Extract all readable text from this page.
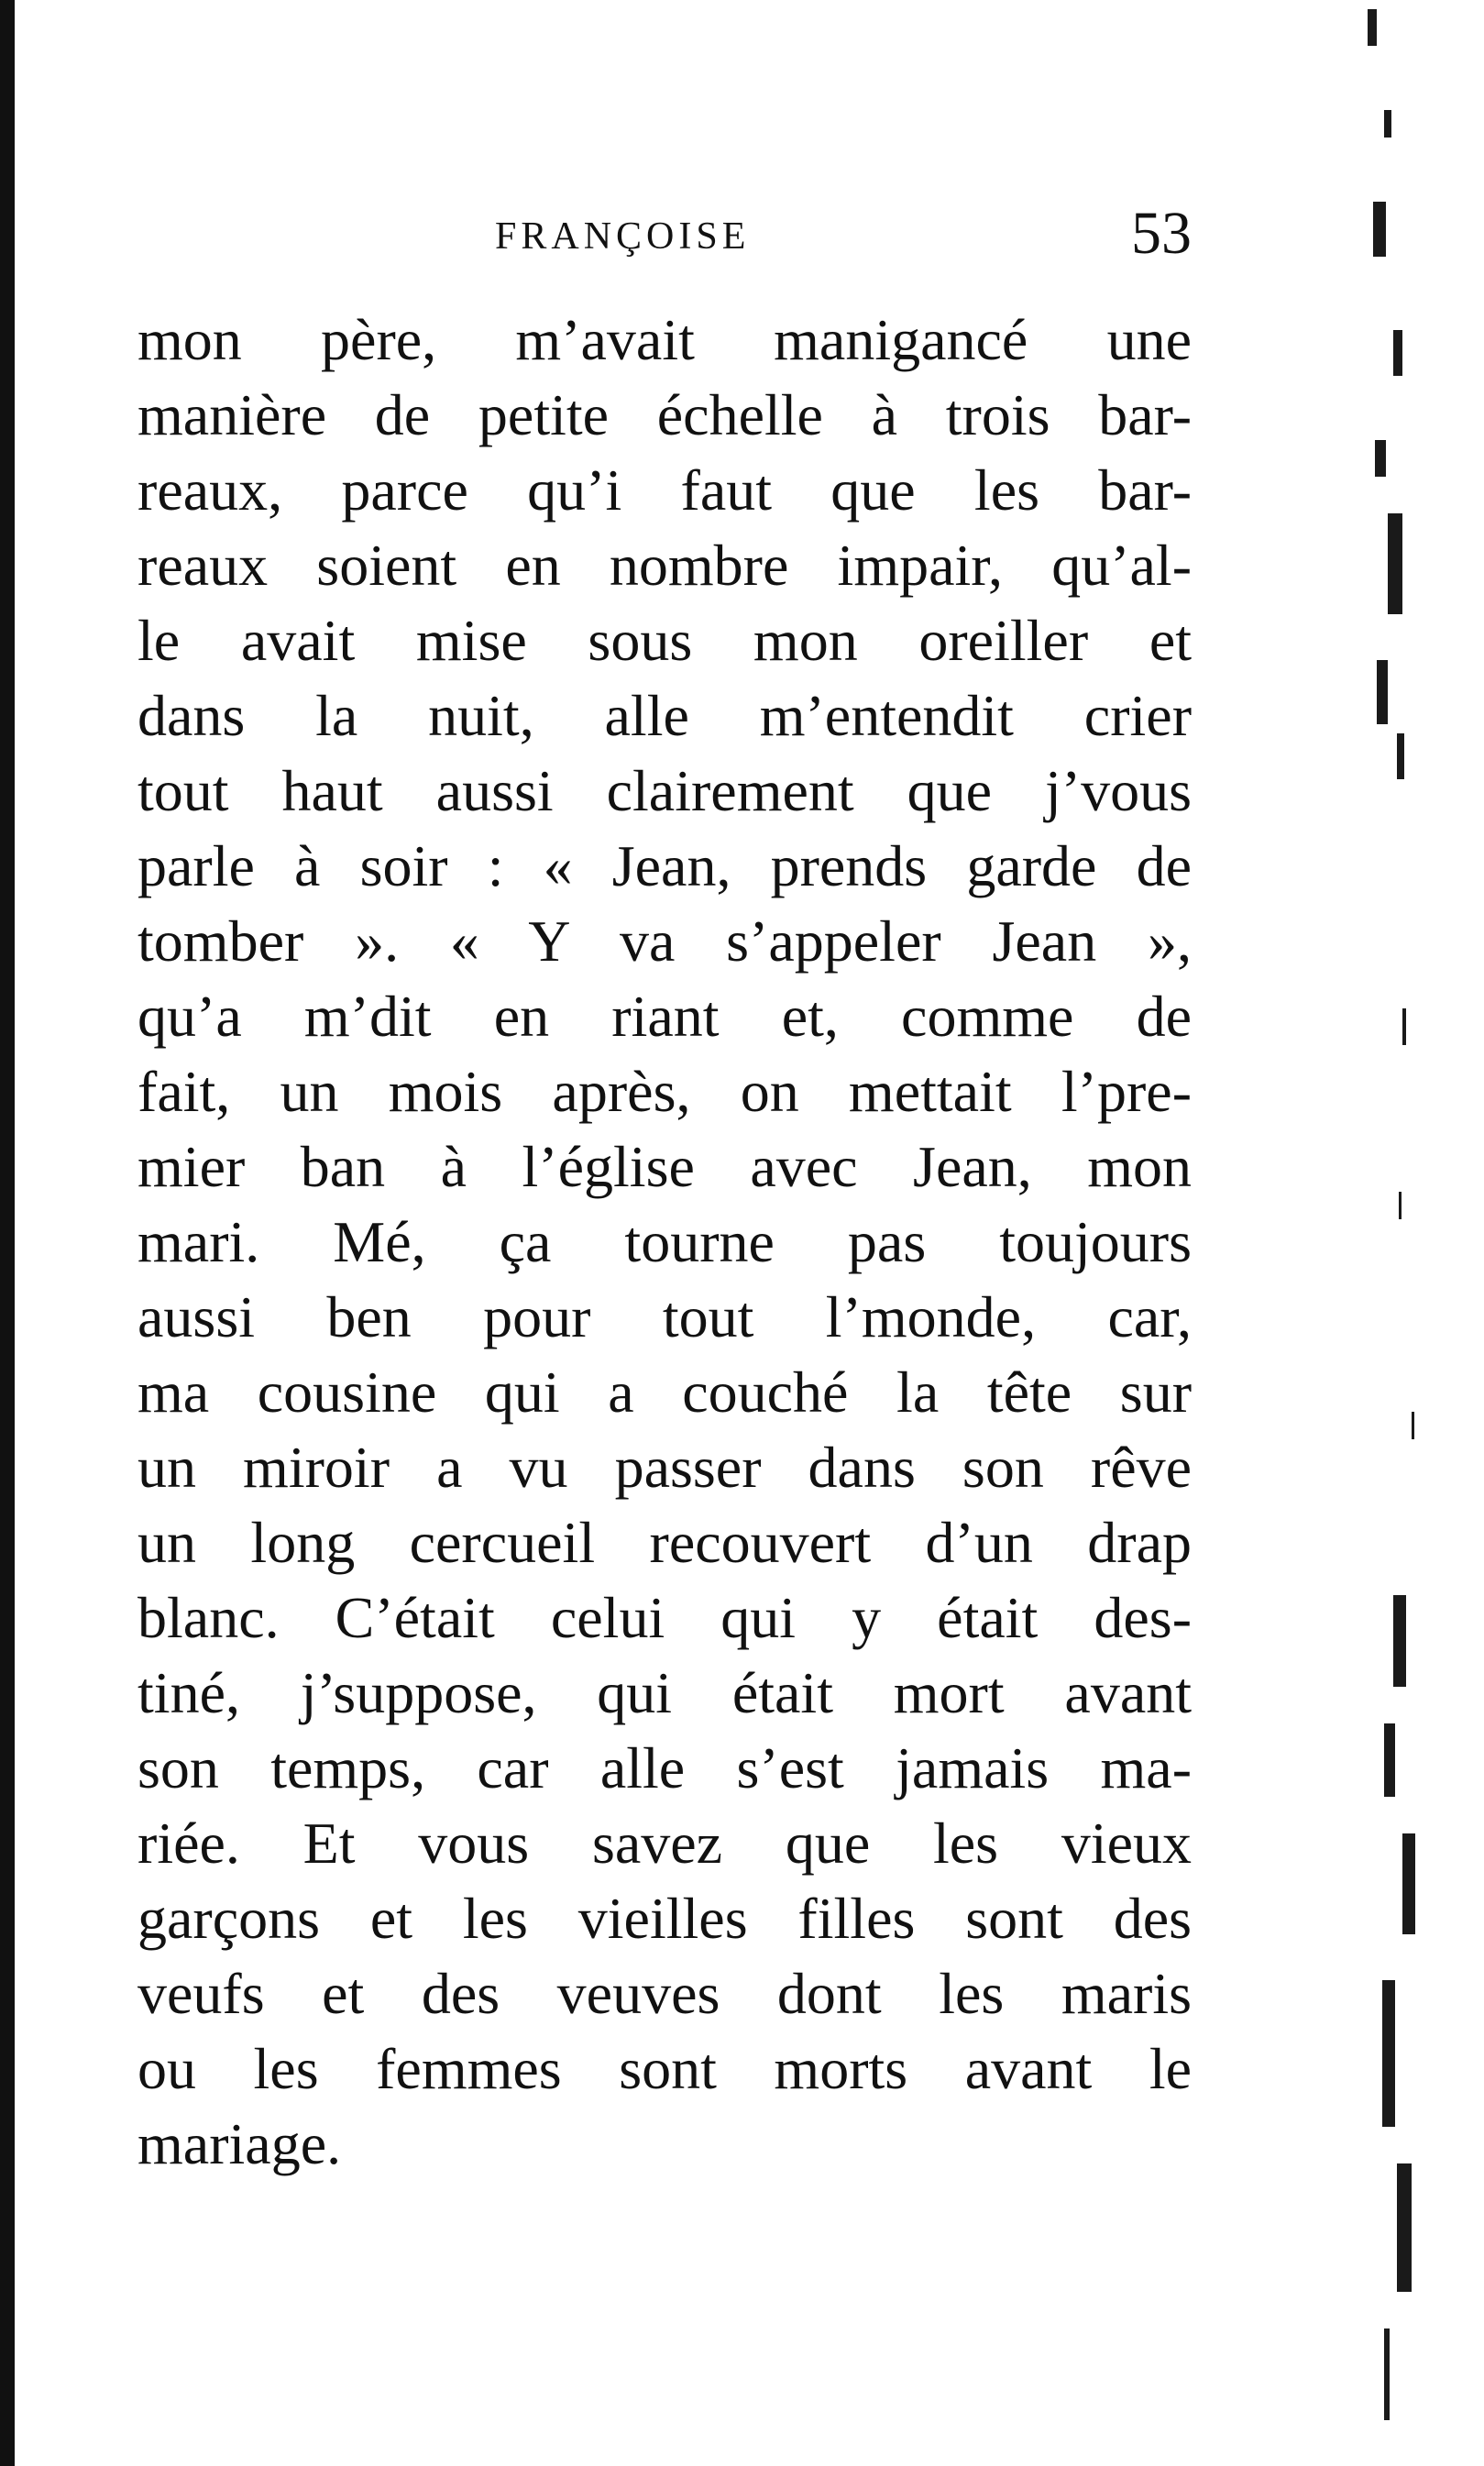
FRANÇOISE	53
mon père, m’avait manigancé une
manière de petite échelle à trois bar-
reaux, parce qu’i faut que les bar-
reaux soient en nombre impair, qu’al-
le avait mise sous mon oreiller et
dans la nuit, alle m’entendit crier
tout haut aussi clairement que j’vous
parle à soir : « Jean, prends garde de
tomber ». « Y va s’appeler Jean »,
qu’a m’dit en riant et, comme de
fait, un mois après, on mettait l’pre-
mier ban à l’église avec Jean, mon
mari. Mé, ça tourne pas toujours
aussi ben pour tout l’monde, car,
ma cousine qui a couché la tête sur
un miroir a vu passer dans son rêve
un long cercueil recouvert d’un drap
blanc. C’était celui qui y était des-
tiné, j’suppose, qui était mort avant
son temps, car alle s’est jamais ma-
riée. Et vous savez que les vieux
garçons et les vieilles filles sont des
veufs et des veuves dont les maris
ou les femmes sont morts avant le
mariage.
